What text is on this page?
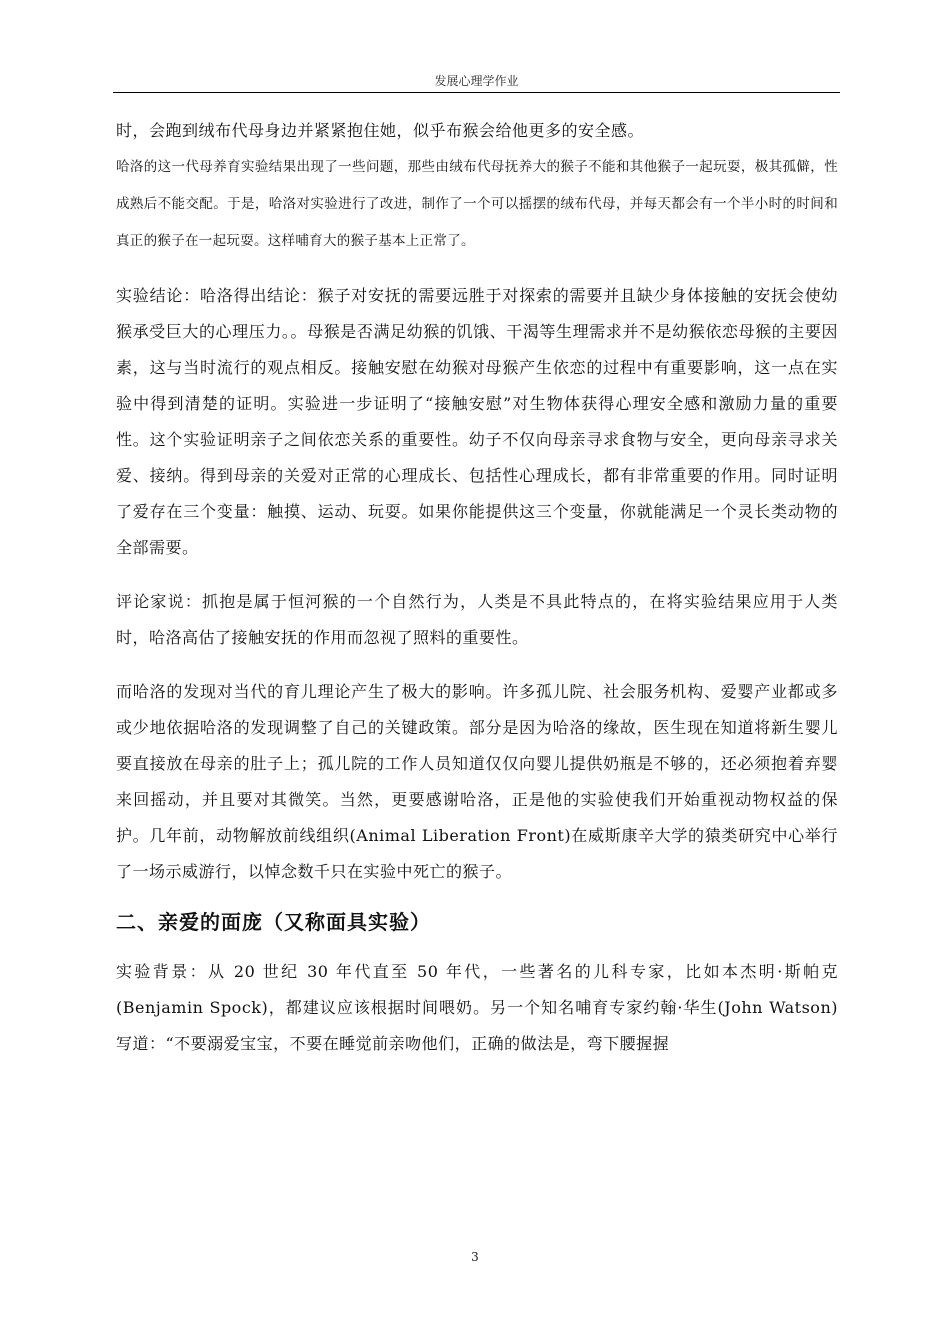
发展心理学作业

时，会跑到绒布代母身边并紧紧抱住她，似乎布猴会给他更多的安全感。

哈洛的这一代母养育实验结果出现了一些问题，那些由绒布代母抚养大的猴子不能和其他猴子一起玩耍，极其孤僻，性成熟后不能交配。于是，哈洛对实验进行了改进，制作了一个可以摇摆的绒布代母，并每天都会有一个半小时的时间和真正的猴子在一起玩耍。这样哺育大的猴子基本上正常了。

实验结论：哈洛得出结论：猴子对安抚的需要远胜于对探索的需要并且缺少身体接触的安抚会使幼猴承受巨大的心理压力。。母猴是否满足幼猴的饥饿、干渴等生理需求并不是幼猴依恋母猴的主要因素，这与当时流行的观点相反。接触安慰在幼猴对母猴产生依恋的过程中有重要影响，这一点在实验中得到清楚的证明。实验进一步证明了“接触安慰”对生物体获得心理安全感和激励力量的重要性。这个实验证明亲子之间依恋关系的重要性。幼子不仅向母亲寻求食物与安全，更向母亲寻求关爱、接纳。得到母亲的关爱对正常的心理成长、包括性心理成长，都有非常重要的作用。同时证明了爱存在三个变量：触摸、运动、玩耍。如果你能提供这三个变量，你就能满足一个灵长类动物的全部需要。

评论家说：抓抱是属于恒河猴的一个自然行为，人类是不具此特点的，在将实验结果应用于人类时，哈洛高估了接触安抚的作用而忽视了照料的重要性。

而哈洛的发现对当代的育儿理论产生了极大的影响。许多孤儿院、社会服务机构、爱婴产业都或多或少地依据哈洛的发现调整了自己的关键政策。部分是因为哈洛的缘故，医生现在知道将新生婴儿要直接放在母亲的肚子上；孤儿院的工作人员知道仅仅向婴儿提供奶瓶是不够的，还必须抱着弃婴来回摇动，并且要对其微笑。当然，更要感谢哈洛，正是他的实验使我们开始重视动物权益的保护。几年前，动物解放前线组织(Animal Liberation Front)在威斯康辛大学的猿类研究中心举行了一场示威游行，以悼念数千只在实验中死亡的猴子。

二、亲爱的面庞（又称面具实验）

实验背景：从 20 世纪 30 年代直至 50 年代，一些著名的儿科专家，比如本杰明·斯帕克(Benjamin Spock)，都建议应该根据时间喂奶。另一个知名哺育专家约翰·华生(John Watson)写道：“不要溺爱宝宝，不要在睡觉前亲吻他们，正确的做法是，弯下腰握握

3
